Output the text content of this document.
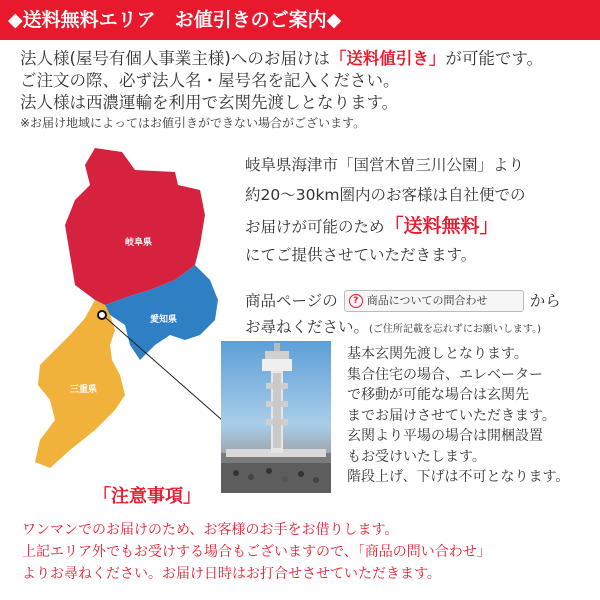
◆送料無料エリア　お値引きのご案内◆
法人様(屋号有個人事業主様)へのお届けは「送料値引き」が可能です。
ご注文の際、必ず法人名・屋号名を記入ください。
法人様は西濃運輸を利用で玄関先渡しとなります。
※お届け地域によってはお値引きができない場合がございます。
岐阜県
愛知県
三重県
「注意事項」
岐阜県海津市「国営木曽三川公園」より
約20～30km圏内のお客様は自社便での
お届けが可能のため「送料無料」
にてご提供させていただきます。
商品ページの	? 商品についての問合わせ	から
お尋ねください。(ご住所記載を忘れずにお願いします。)
基本玄関先渡しとなります。
集合住宅の場合、エレベーター
で移動が可能な場合は玄関先
までお届けさせていただきます。
玄関より平場の場合は開梱設置
もお受けいたします。
階段上げ、下げは不可となります。
ワンマンでのお届けのため、お客様のお手をお借りします。
上記エリア外でもお受けする場合もございますので、「商品の問い合わせ」
よりお尋ねください。お届け日時はお打合せさせていただきます。
